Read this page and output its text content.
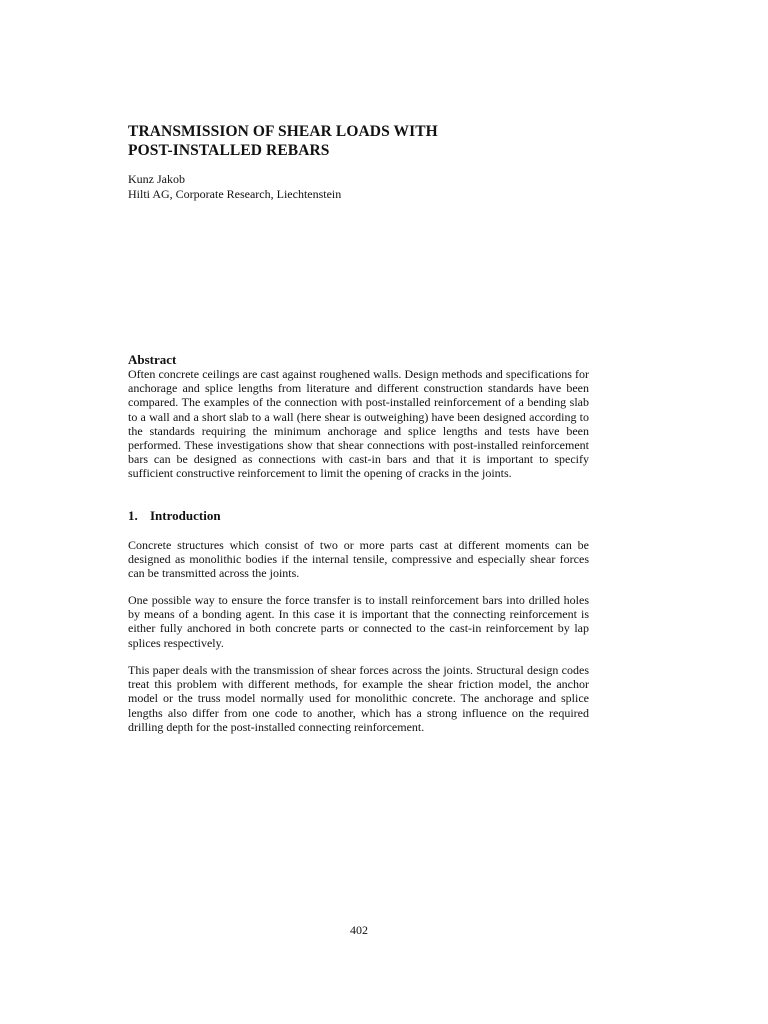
TRANSMISSION OF SHEAR LOADS WITH
POST-INSTALLED REBARS
Kunz Jakob
Hilti AG, Corporate Research, Liechtenstein
Abstract
Often concrete ceilings are cast against roughened walls. Design methods and specifications for anchorage and splice lengths from literature and different construction standards have been compared. The examples of the connection with post-installed reinforcement of a bending slab to a wall and a short slab to a wall (here shear is outweighing) have been designed according to the standards requiring the minimum anchorage and splice lengths and tests have been performed. These investigations show that shear connections with post-installed reinforcement bars can be designed as connections with cast-in bars and that it is important to specify sufficient constructive reinforcement to limit the opening of cracks in the joints.
1. Introduction
Concrete structures which consist of two or more parts cast at different moments can be designed as monolithic bodies if the internal tensile, compressive and especially shear forces can be transmitted across the joints.
One possible way to ensure the force transfer is to install reinforcement bars into drilled holes by means of a bonding agent. In this case it is important that the connecting reinforcement is either fully anchored in both concrete parts or connected to the cast-in reinforcement by lap splices respectively.
This paper deals with the transmission of shear forces across the joints. Structural design codes treat this problem with different methods, for example the shear friction model, the anchor model or the truss model normally used for monolithic concrete. The anchorage and splice lengths also differ from one code to another, which has a strong influence on the required drilling depth for the post-installed connecting reinforcement.
402
